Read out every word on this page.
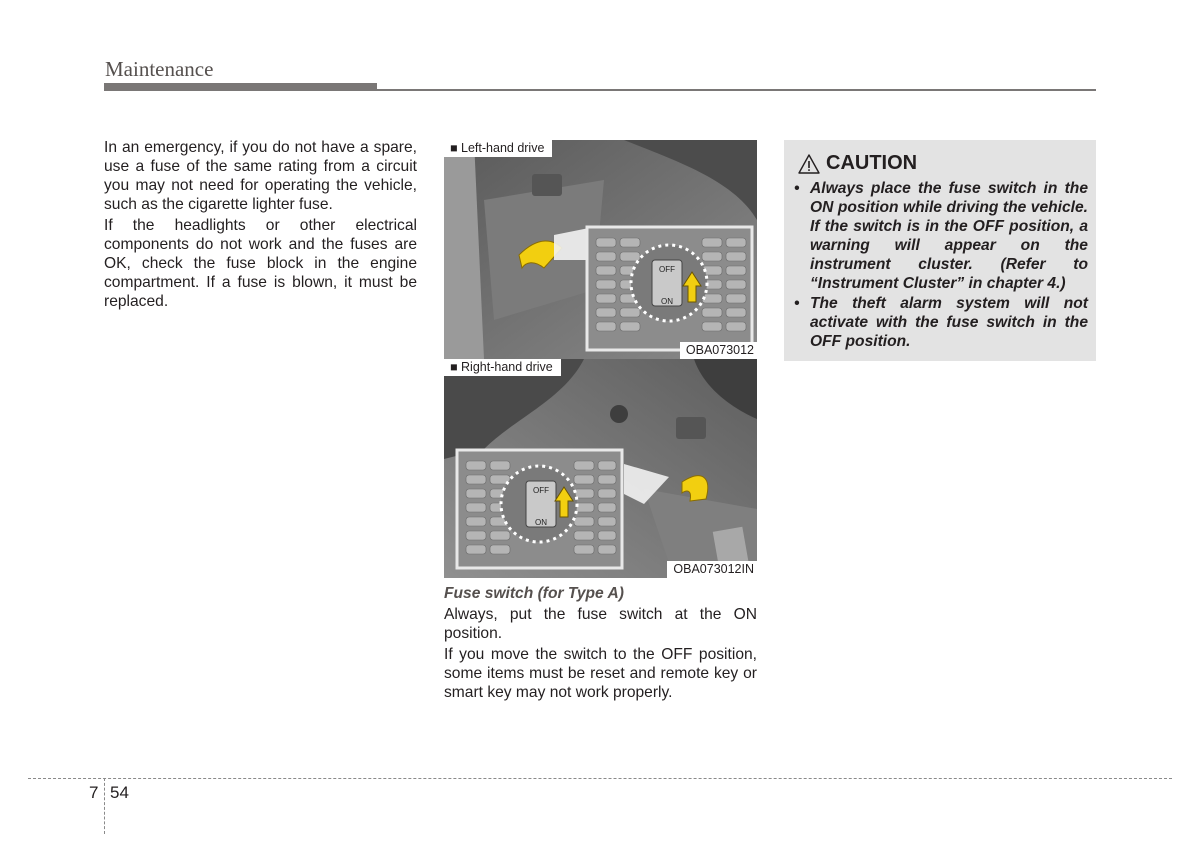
Maintenance

In an emergency, if you do not have a spare, use a fuse of the same rating from a circuit you may not need for operating the vehicle, such as the cigarette lighter fuse.

If the headlights or other electrical components do not work and the fuses are OK, check the fuse block in the engine compartment. If a fuse is blown, it must be replaced.

OFF
ON
■ Left-hand drive
OBA073012
OFF
ON
■ Right-hand drive
OBA073012IN

Fuse switch (for Type A)

Always, put the fuse switch at the ON position.

If you move the switch to the OFF position, some items must be reset and remote key or smart key may not work properly.

CAUTION
• Always place the fuse switch in the ON position while driving the vehicle. If the switch is in the OFF position, a warning will appear on the instrument cluster. (Refer to “Instrument Cluster” in chapter 4.)
• The theft alarm system will not activate with the fuse switch in the OFF position.
7 54
